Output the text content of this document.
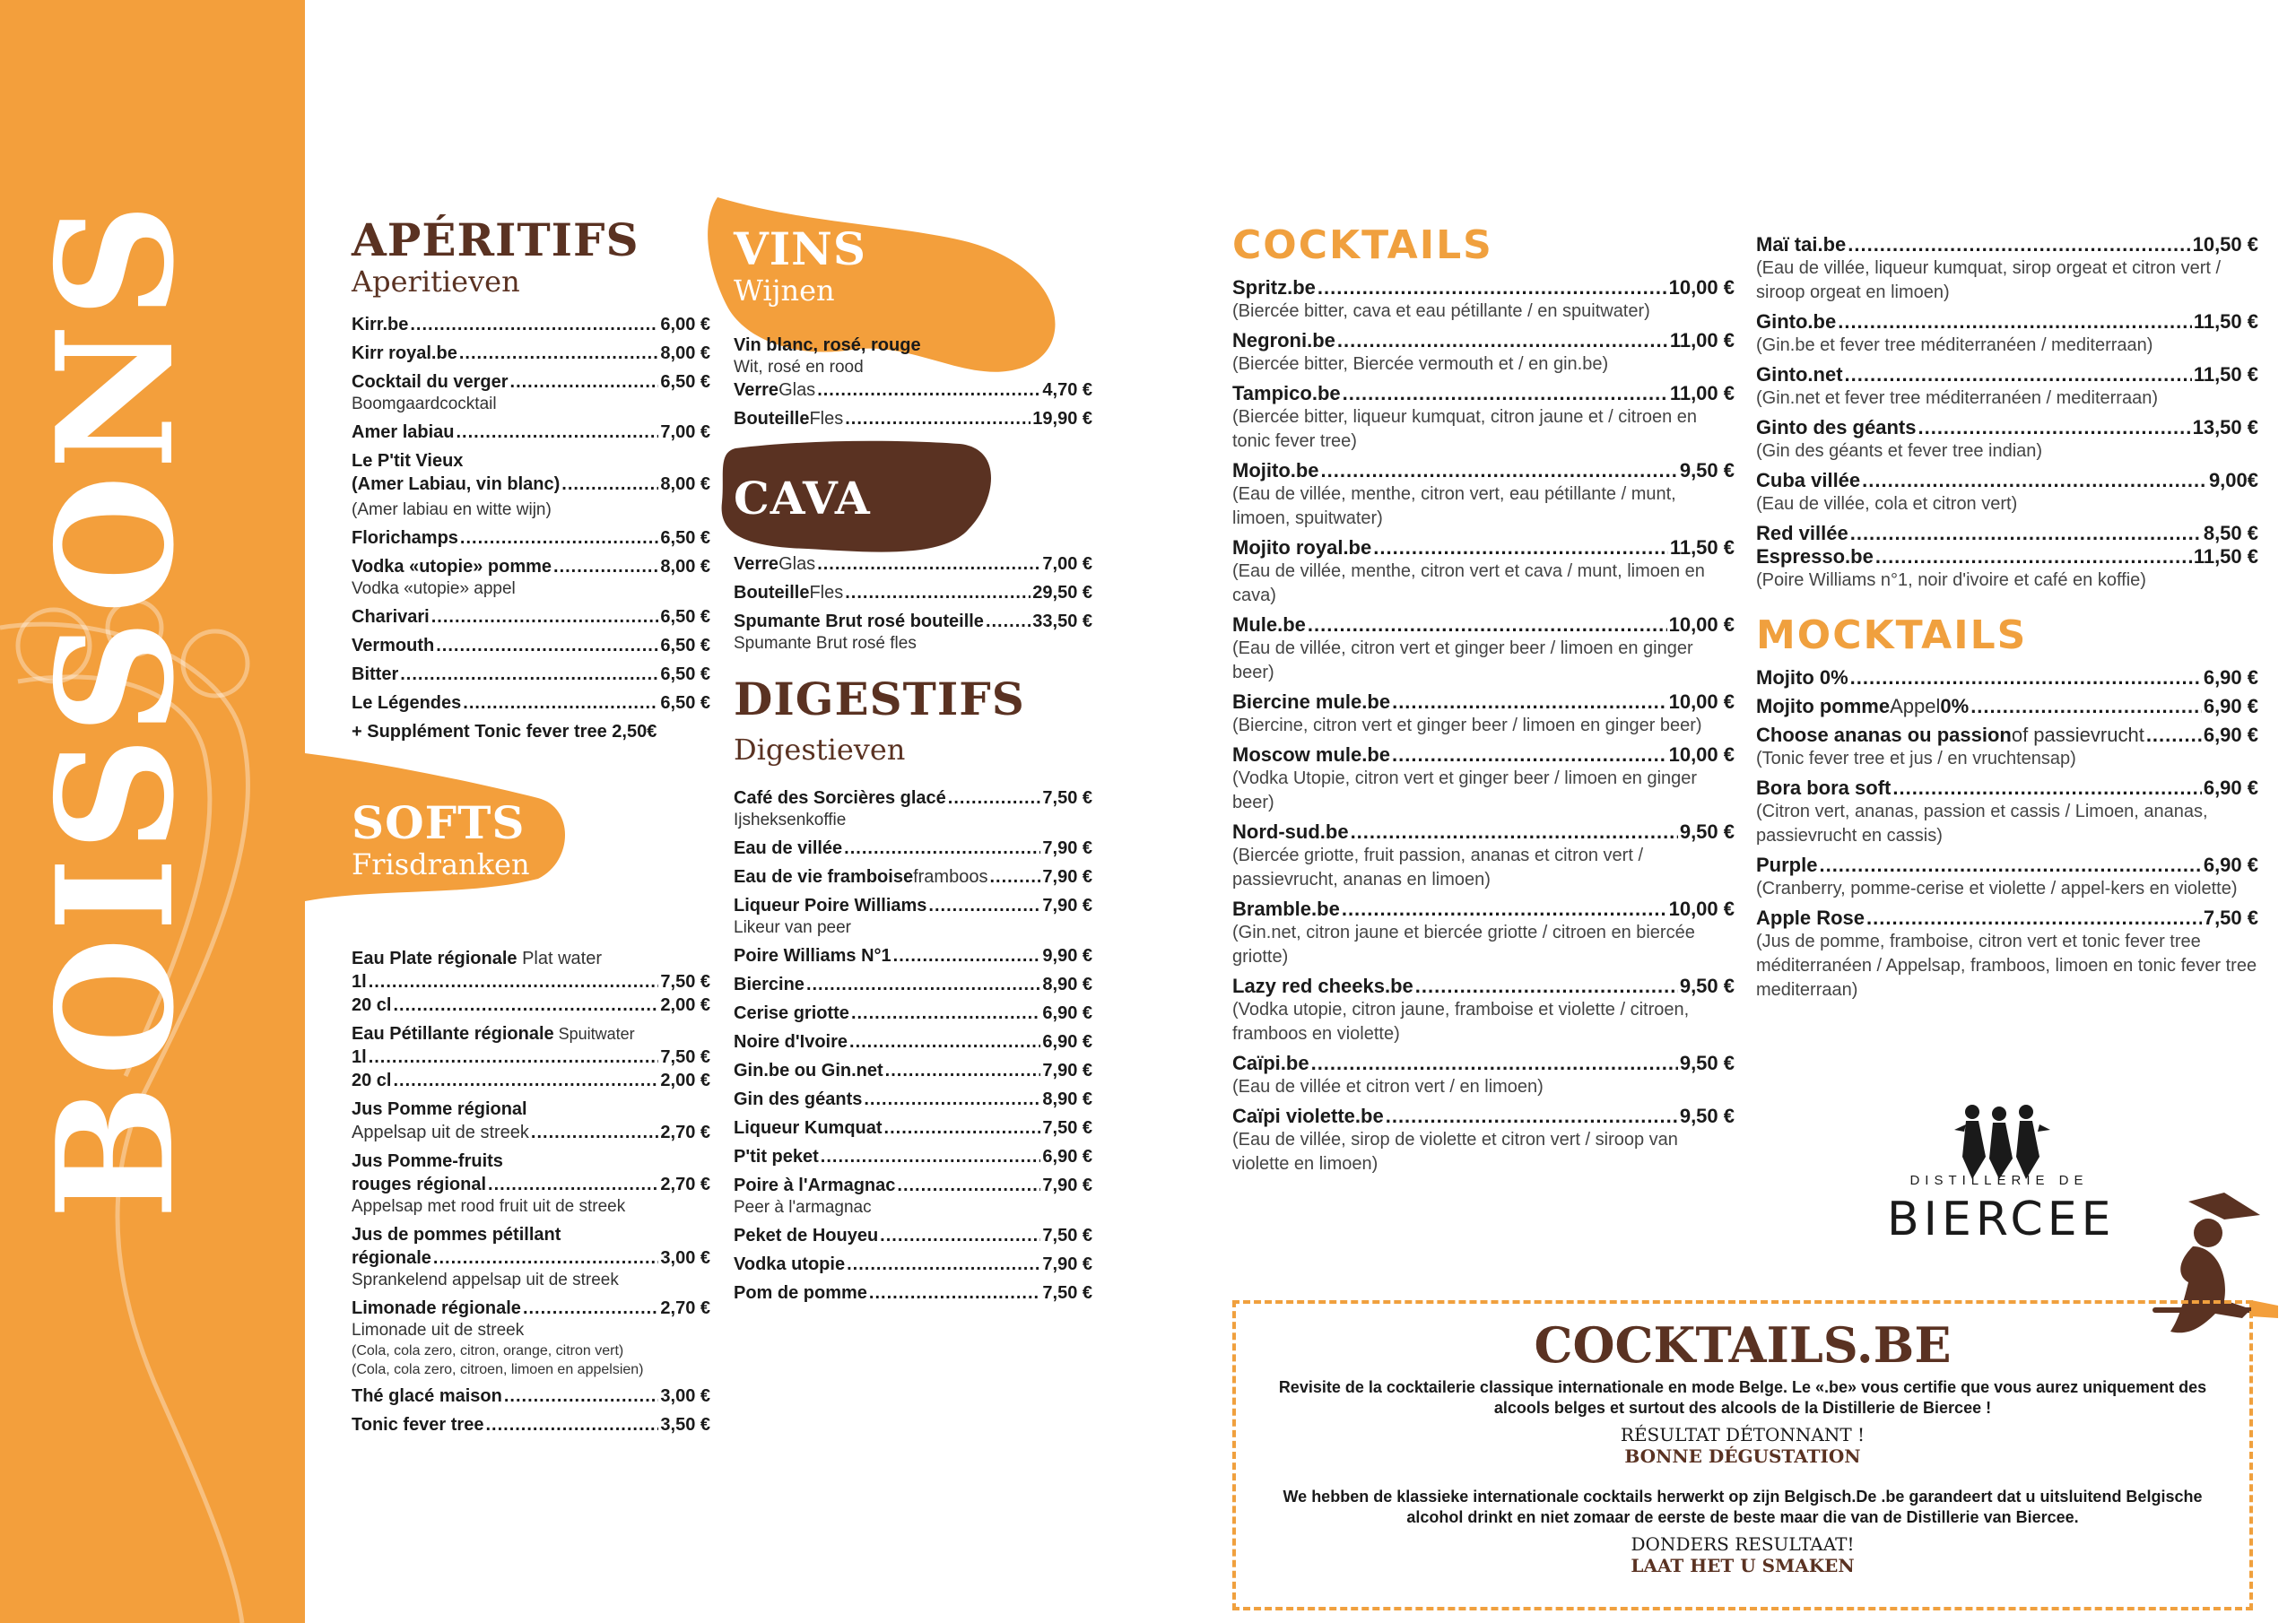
BOISSONS	APÉRITIFS
Aperitieven
Kirr.be .....	6,00 €
Kirr royal.be .....	8,00 €
Cocktail du verger .....	6,50 €
Boomgaardcocktail
Amer labiau .....	7,00 €
Le P'tit Vieux
(Amer Labiau, vin blanc) .....	8,00 €
(Amer labiau en witte wijn)
Florichamps .....	6,50 €
Vodka «utopie» pomme .....	8,00 €
Vodka «utopie» appel
Charivari .....	6,50 €
Vermouth .....	6,50 €
Bitter .....	6,50 €
Le Légendes .....	6,50 €
+ Supplément Tonic fever tree 2,50€
SOFTS
Frisdranken
Eau Plate régionale Plat water
1l .....	7,50 €
20 cl .....	2,00 €
Eau Pétillante régionale Spuitwater
1l .....	7,50 €
20 cl .....	2,00 €
Jus Pomme régional
Appelsap uit de streek .....	2,70 €
Jus Pomme-fruits
rouges régional .....	2,70 €
Appelsap met rood fruit uit de streek
Jus de pommes pétillant
régionale .....	3,00 €
Sprankelend appelsap uit de streek
Limonade régionale .....	2,70 €
Limonade uit de streek
(Cola, cola zero, citron, orange, citron vert)
(Cola, cola zero, citroen, limoen en appelsien)
Thé glacé maison .....	3,00 €
Tonic fever tree .....	3,50 €
VINS
Wijnen
Vin blanc, rosé, rouge
Wit, rosé en rood
Verre Glas .....	4,70 €
Bouteille Fles .....	19,90 €
CAVA
Verre Glas .....	7,00 €
Bouteille Fles .....	29,50 €
Spumante Brut rosé bouteille .....	33,50 €
Spumante Brut rosé fles
DIGESTIFS
Digestieven
Café des Sorcières glacé .....	7,50 €
Ijsheksenkoffie
Eau de villée .....	7,90 €
Eau de vie framboise framboos .....	7,90 €
Liqueur Poire Williams .....	7,90 €
Likeur van peer
Poire Williams N°1 .....	9,90 €
Biercine .....	8,90 €
Cerise griotte .....	6,90 €
Noire d'Ivoire .....	6,90 €
Gin.be ou Gin.net .....	7,90 €
Gin des géants .....	8,90 €
Liqueur Kumquat .....	7,50 €
P'tit peket .....	6,90 €
Poire à l'Armagnac .....	7,90 €
Peer à l'armagnac
Peket de Houyeu .....	7,50 €
Vodka utopie .....	7,90 €
Pom de pomme .....	7,50 €
COCKTAILS
Spritz.be .....	10,00 €
(Biercée bitter, cava et eau pétillante / en spuitwater)
Negroni.be .....	11,00 €
(Biercée bitter, Biercée vermouth et / en gin.be)
Tampico.be .....	11,00 €
(Biercée bitter, liqueur kumquat, citron jaune et / citroen en tonic fever tree)
Mojito.be .....	9,50 €
(Eau de villée, menthe, citron vert, eau pétillante / munt, limoen, spuitwater)
Mojito royal.be .....	11,50 €
(Eau de villée, menthe, citron vert et cava / munt, limoen en cava)
Mule.be .....	10,00 €
(Eau de villée, citron vert et ginger beer / limoen en ginger beer)
Biercine mule.be .....	10,00 €
(Biercine, citron vert et ginger beer / limoen en ginger beer)
Moscow mule.be .....	10,00 €
(Vodka Utopie, citron vert et ginger beer / limoen en ginger beer)
Nord-sud.be .....	9,50 €
(Biercée griotte, fruit passion, ananas et citron vert / passievrucht, ananas en limoen)
Bramble.be .....	10,00 €
(Gin.net, citron jaune et biercée griotte / citroen en biercée griotte)
Lazy red cheeks.be .....	9,50 €
(Vodka utopie, citron jaune, framboise et violette / citroen, framboos en violette)
Caïpi.be .....	9,50 €
(Eau de villée et citron vert / en limoen)
Caïpi violette.be .....	9,50 €
(Eau de villée, sirop de violette et citron vert / siroop van violette en limoen)
Maï tai.be .....	10,50 €
(Eau de villée, liqueur kumquat, sirop orgeat et citron vert / siroop orgeat en limoen)
Ginto.be .....	11,50 €
(Gin.be et fever tree méditerranéen / mediterraan)
Ginto.net .....	11,50 €
(Gin.net et fever tree méditerranéen / mediterraan)
Ginto des géants .....	13,50 €
(Gin des géants et fever tree indian)
Cuba villée .....	9,00€
(Eau de villée, cola et citron vert)
Red villée .....	8,50 €
Espresso.be .....	11,50 €
(Poire Williams n°1, noir d'ivoire et café en koffie)
MOCKTAILS
Mojito 0% .....	6,90 €
Mojito pomme Appel 0% .....	6,90 €
Choose ananas ou passion of passievrucht .....	6,90 €
(Tonic fever tree et jus / en vruchtensap)
Bora bora soft .....	6,90 €
(Citron vert, ananas, passion et cassis / Limoen, ananas, passievrucht en cassis)
Purple .....	6,90 €
(Cranberry, pomme-cerise et violette / appel-kers en violette)
Apple Rose .....	7,50 €
(Jus de pomme, framboise, citron vert et tonic fever tree méditerranéen / Appelsap, framboos, limoen en tonic fever tree mediterraan)
DISTILLERIE DE
BIERCEE
COCKTAILS.BE

Revisite de la cocktailerie classique internationale en mode Belge. Le «.be» vous certifie que vous aurez uniquement des alcools belges et surtout des alcools de la Distillerie de Biercee !

RÉSULTAT DÉTONNANT !
BONNE DÉGUSTATION

We hebben de klassieke internationale cocktails herwerkt op zijn Belgisch.De .be garandeert dat u uitsluitend Belgische alcohol drinkt en niet zomaar de eerste de beste maar die van de Distillerie van Biercee.

DONDERS RESULTAAT!
LAAT HET U SMAKEN
